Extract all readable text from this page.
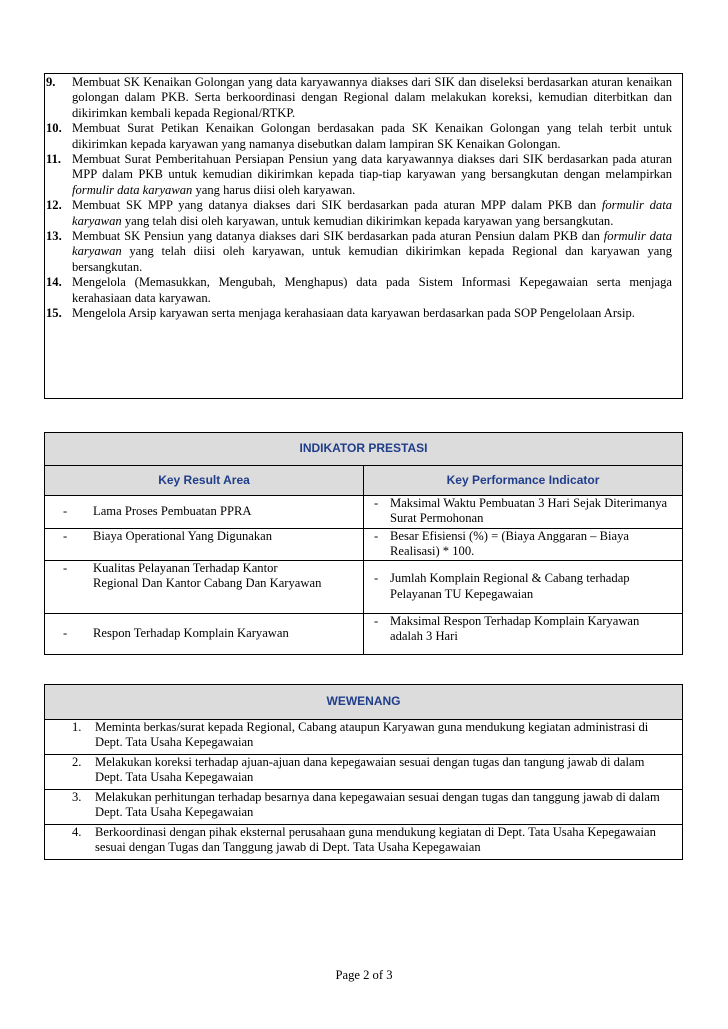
9.	Membuat SK Kenaikan Golongan yang data karyawannya diakses dari SIK dan diseleksi berdasarkan aturan kenaikan golongan dalam PKB. Serta berkoordinasi dengan Regional dalam melakukan koreksi, kemudian diterbitkan dan dikirimkan kembali kepada Regional/RTKP.
10. Membuat Surat Petikan Kenaikan Golongan berdasakan pada SK Kenaikan Golongan yang telah terbit untuk dikirimkan kepada karyawan yang namanya disebutkan dalam lampiran SK Kenaikan Golongan.
11. Membuat Surat Pemberitahuan Persiapan Pensiun yang data karyawannya diakses dari SIK berdasarkan pada aturan MPP dalam PKB untuk kemudian dikirimkan kepada tiap-tiap karyawan yang bersangkutan dengan melampirkan formulir data karyawan yang harus diisi oleh karyawan.
12. Membuat SK MPP yang datanya diakses dari SIK berdasarkan pada aturan MPP dalam PKB dan formulir data karyawan yang telah disi oleh karyawan, untuk kemudian dikirimkan kepada karyawan yang bersangkutan.
13. Membuat SK Pensiun yang datanya diakses dari SIK berdasarkan pada aturan Pensiun dalam PKB dan formulir data karyawan yang telah diisi oleh karyawan, untuk kemudian dikirimkan kepada Regional dan karyawan yang bersangkutan.
14. Mengelola (Memasukkan, Mengubah, Menghapus) data pada Sistem Informasi Kepegawaian serta menjaga kerahasiaan data karyawan.
15. Mengelola Arsip karyawan serta menjaga kerahasiaan data karyawan berdasarkan pada SOP Pengelolaan Arsip.
INDIKATOR PRESTASI	
Key Result Area	Key Performance Indicator

- Lama Proses Pembuatan PPRA	- Maksimal Waktu Pembuatan 3 Hari Sejak Diterimanya Surat Permohonan

- Biaya Operational Yang Digunakan	- Besar Efisiensi (%) = (Biaya Anggaran – Biaya Realisasi) * 100.

- Kualitas Pelayanan Terhadap Kantor Regional Dan Kantor Cabang Dan Karyawan	- Jumlah Komplain Regional & Cabang terhadap Pelayanan TU Kepegawaian

- Respon Terhadap Komplain Karyawan	- Maksimal Respon Terhadap Komplain Karyawan adalah 3 Hari
WEWENANG

1. Meminta berkas/surat kepada Regional, Cabang ataupun Karyawan guna mendukung kegiatan administrasi di Dept. Tata Usaha Kepegawaian

2. Melakukan koreksi terhadap ajuan-ajuan dana kepegawaian sesuai dengan tugas dan tangung jawab di dalam Dept. Tata Usaha Kepegawaian

3. Melakukan perhitungan terhadap besarnya dana kepegawaian sesuai dengan tugas dan tanggung jawab di dalam Dept. Tata Usaha Kepegawaian

4. Berkoordinasi dengan pihak eksternal perusahaan guna mendukung kegiatan di Dept. Tata Usaha Kepegawaian sesuai dengan Tugas dan Tanggung jawab di Dept. Tata Usaha Kepegawaian
Page 2 of 3
